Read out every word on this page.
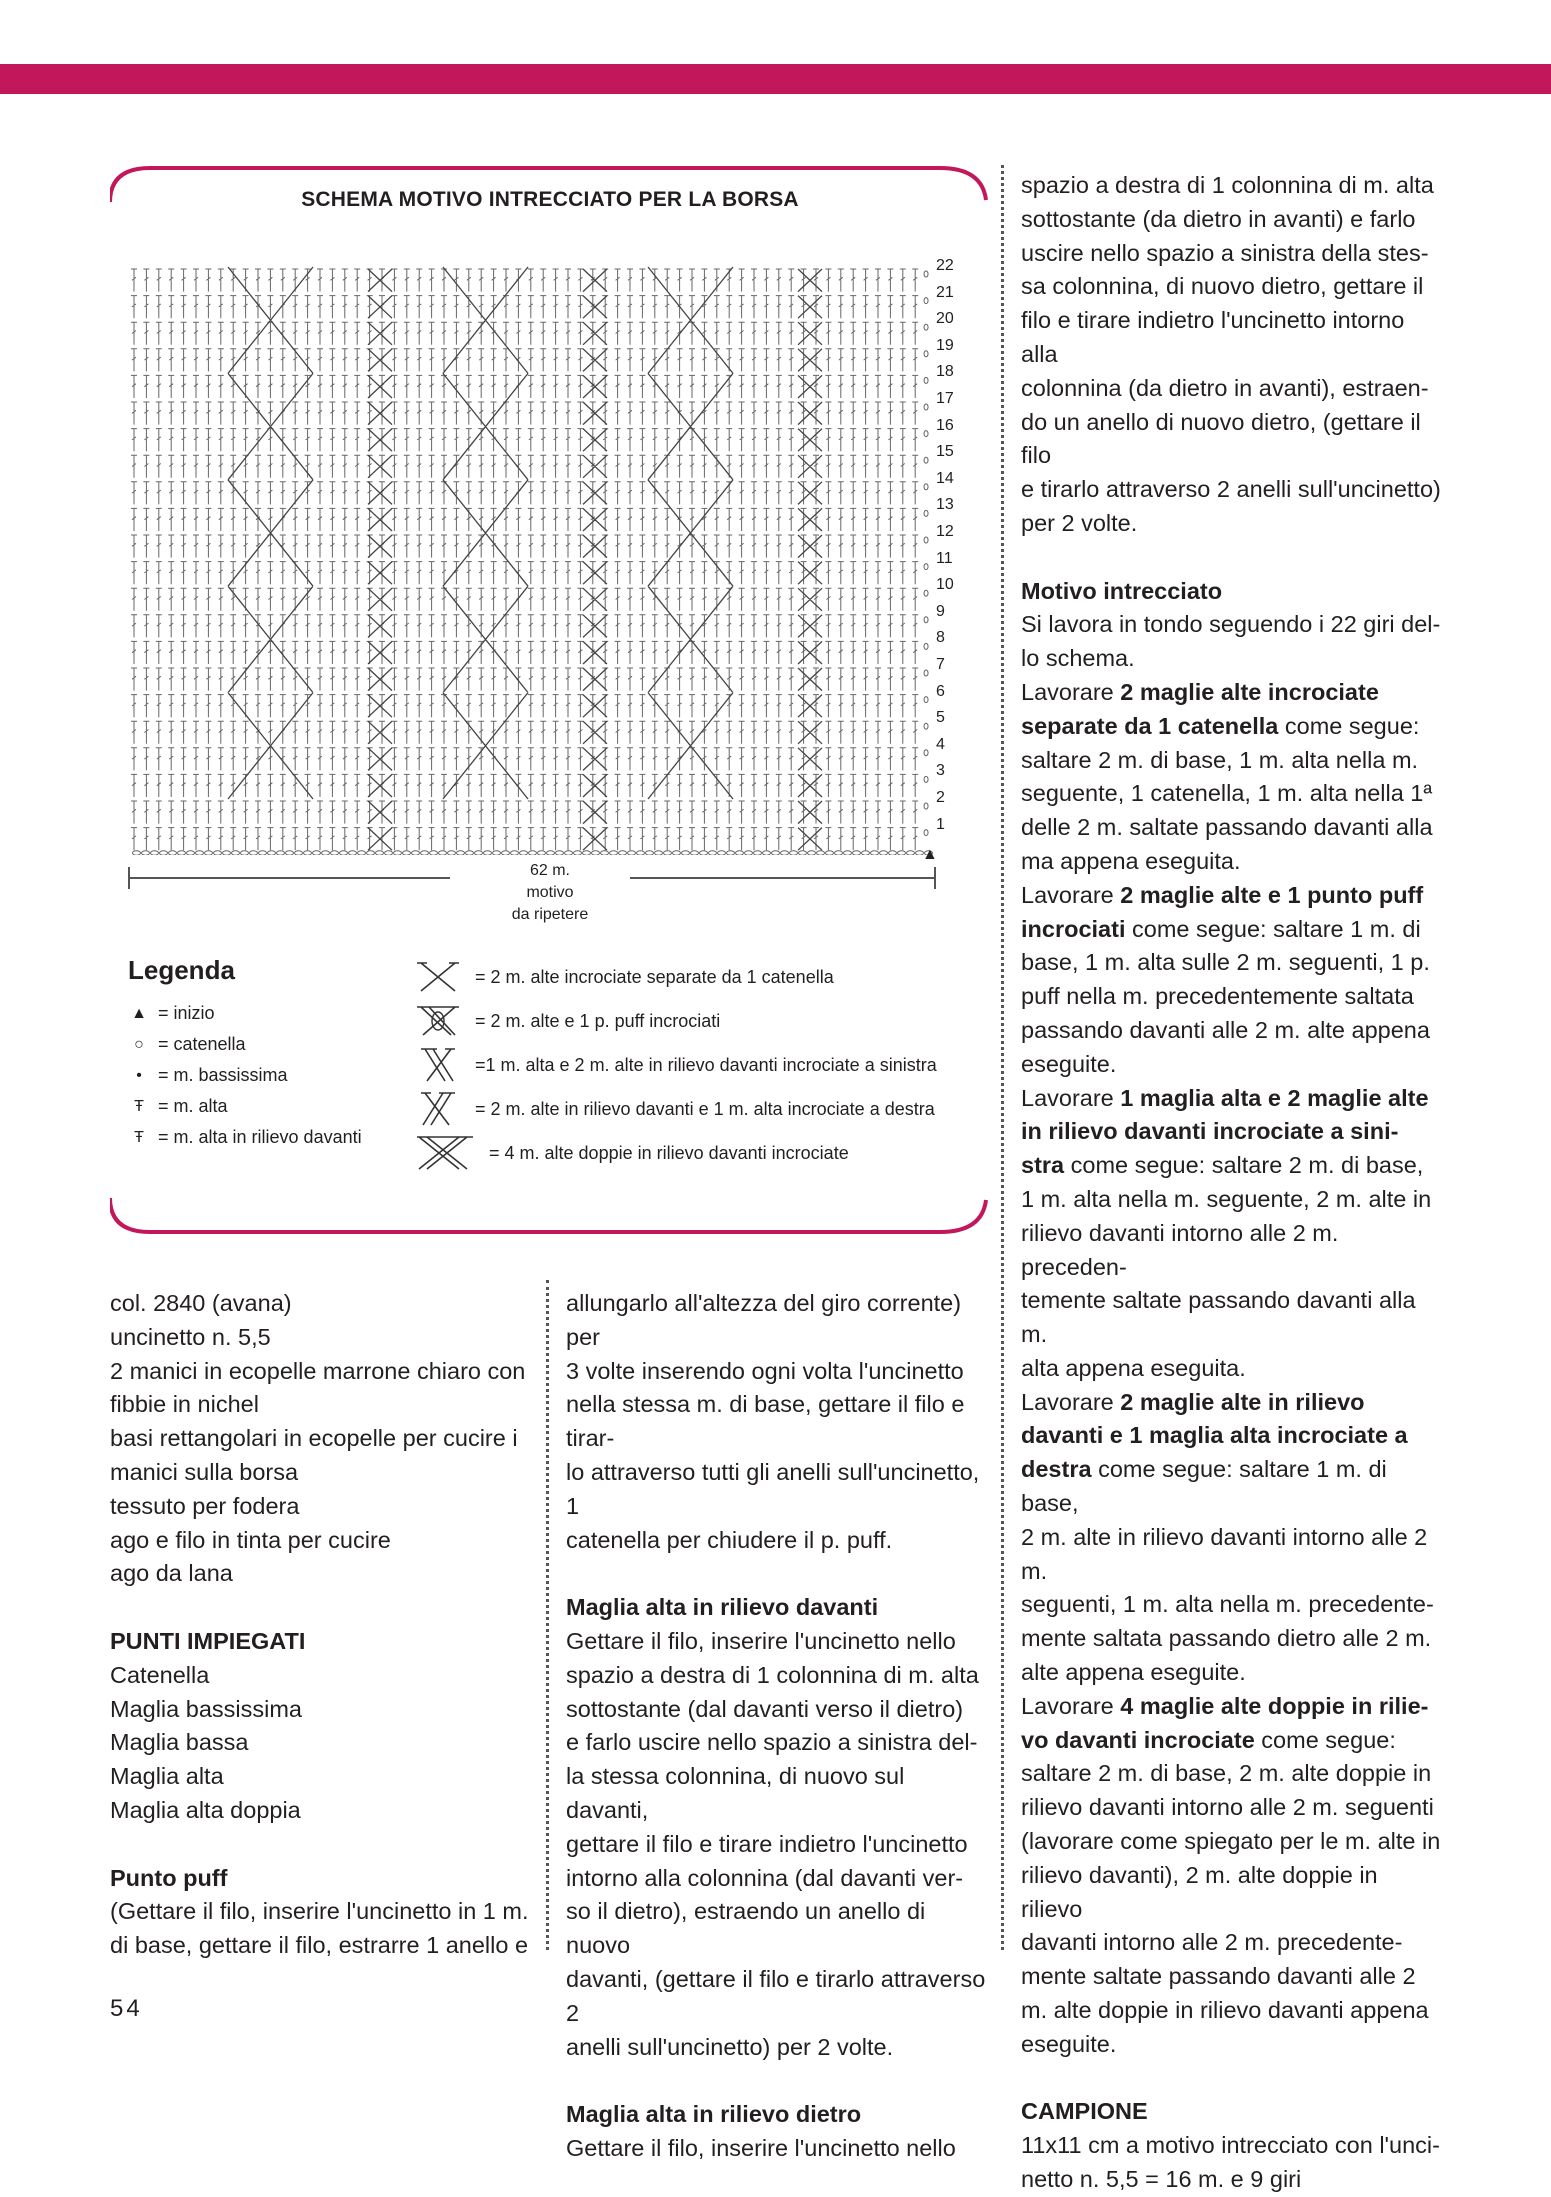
SCHEMA MOTIVO INTRECCIATO PER LA BORSA
1
2
3
4
5
6
7
8
9
10
11
12
13
14
15
16
17
18
19
20
21
22
62 m.
motivo
da ripetere
▲
Legenda
▲ = inizio
○ = catenella
• = m. bassissima
Ŧ = m. alta
Ŧ = m. alta in rilievo davanti
= 2 m. alte incrociate separate da 1 catenella
= 2 m. alte e 1 p. puff incrociati
=1 m. alta e 2 m. alte in rilievo davanti incrociate a sinistra
= 2 m. alte in rilievo davanti e 1 m. alta incrociate a destra
= 4 m. alte doppie in rilievo davanti incrociate

col. 2840 (avana)

uncinetto n. 5,5

2 manici in ecopelle marrone chiaro con

fibbie in nichel

basi rettangolari in ecopelle per cucire i

manici sulla borsa

tessuto per fodera

ago e filo in tinta per cucire

ago da lana

PUNTI IMPIEGATI

Catenella

Maglia bassissima

Maglia bassa

Maglia alta

Maglia alta doppia

Punto puff

(Gettare il filo, inserire l'uncinetto in 1 m.

di base, gettare il filo, estrarre 1 anello e

allungarlo all'altezza del giro corrente) per

3 volte inserendo ogni volta l'uncinetto

nella stessa m. di base, gettare il filo e tirar-

lo attraverso tutti gli anelli sull'uncinetto, 1

catenella per chiudere il p. puff.

Maglia alta in rilievo davanti

Gettare il filo, inserire l'uncinetto nello

spazio a destra di 1 colonnina di m. alta

sottostante (dal davanti verso il dietro)

e farlo uscire nello spazio a sinistra del-

la stessa colonnina, di nuovo sul davanti,

gettare il filo e tirare indietro l'uncinetto

intorno alla colonnina (dal davanti ver-

so il dietro), estraendo un anello di nuovo

davanti, (gettare il filo e tirarlo attraverso 2

anelli sull'uncinetto) per 2 volte.

Maglia alta in rilievo dietro

Gettare il filo, inserire l'uncinetto nello

spazio a destra di 1 colonnina di m. alta

sottostante (da dietro in avanti) e farlo

uscire nello spazio a sinistra della stes-

sa colonnina, di nuovo dietro, gettare il

filo e tirare indietro l'uncinetto intorno alla

colonnina (da dietro in avanti), estraen-

do un anello di nuovo dietro, (gettare il filo

e tirarlo attraverso 2 anelli sull'uncinetto)

per 2 volte.

Motivo intrecciato

Si lavora in tondo seguendo i 22 giri del-

lo schema.

Lavorare 2 maglie alte incrociate

separate da 1 catenella come segue:

saltare 2 m. di base, 1 m. alta nella m.

seguente, 1 catenella, 1 m. alta nella 1ª

delle 2 m. saltate passando davanti alla

ma appena eseguita.

Lavorare 2 maglie alte e 1 punto puff

incrociati come segue: saltare 1 m. di

base, 1 m. alta sulle 2 m. seguenti, 1 p.

puff nella m. precedentemente saltata

passando davanti alle 2 m. alte appena

eseguite.

Lavorare 1 maglia alta e 2 maglie alte

in rilievo davanti incrociate a sini-

stra come segue: saltare 2 m. di base,

1 m. alta nella m. seguente, 2 m. alte in

rilievo davanti intorno alle 2 m. preceden-

temente saltate passando davanti alla m.

alta appena eseguita.

Lavorare 2 maglie alte in rilievo

davanti e 1 maglia alta incrociate a

destra come segue: saltare 1 m. di base,

2 m. alte in rilievo davanti intorno alle 2 m.

seguenti, 1 m. alta nella m. precedente-

mente saltata passando dietro alle 2 m.

alte appena eseguite.

Lavorare 4 maglie alte doppie in rilie-

vo davanti incrociate come segue:

saltare 2 m. di base, 2 m. alte doppie in

rilievo davanti intorno alle 2 m. seguenti

(lavorare come spiegato per le m. alte in

rilievo davanti), 2 m. alte doppie in rilievo

davanti intorno alle 2 m. precedente-

mente saltate passando davanti alle 2

m. alte doppie in rilievo davanti appena

eseguite.

CAMPIONE

11x11 cm a motivo intrecciato con l'unci-

netto n. 5,5 = 16 m. e 9 giri

54
